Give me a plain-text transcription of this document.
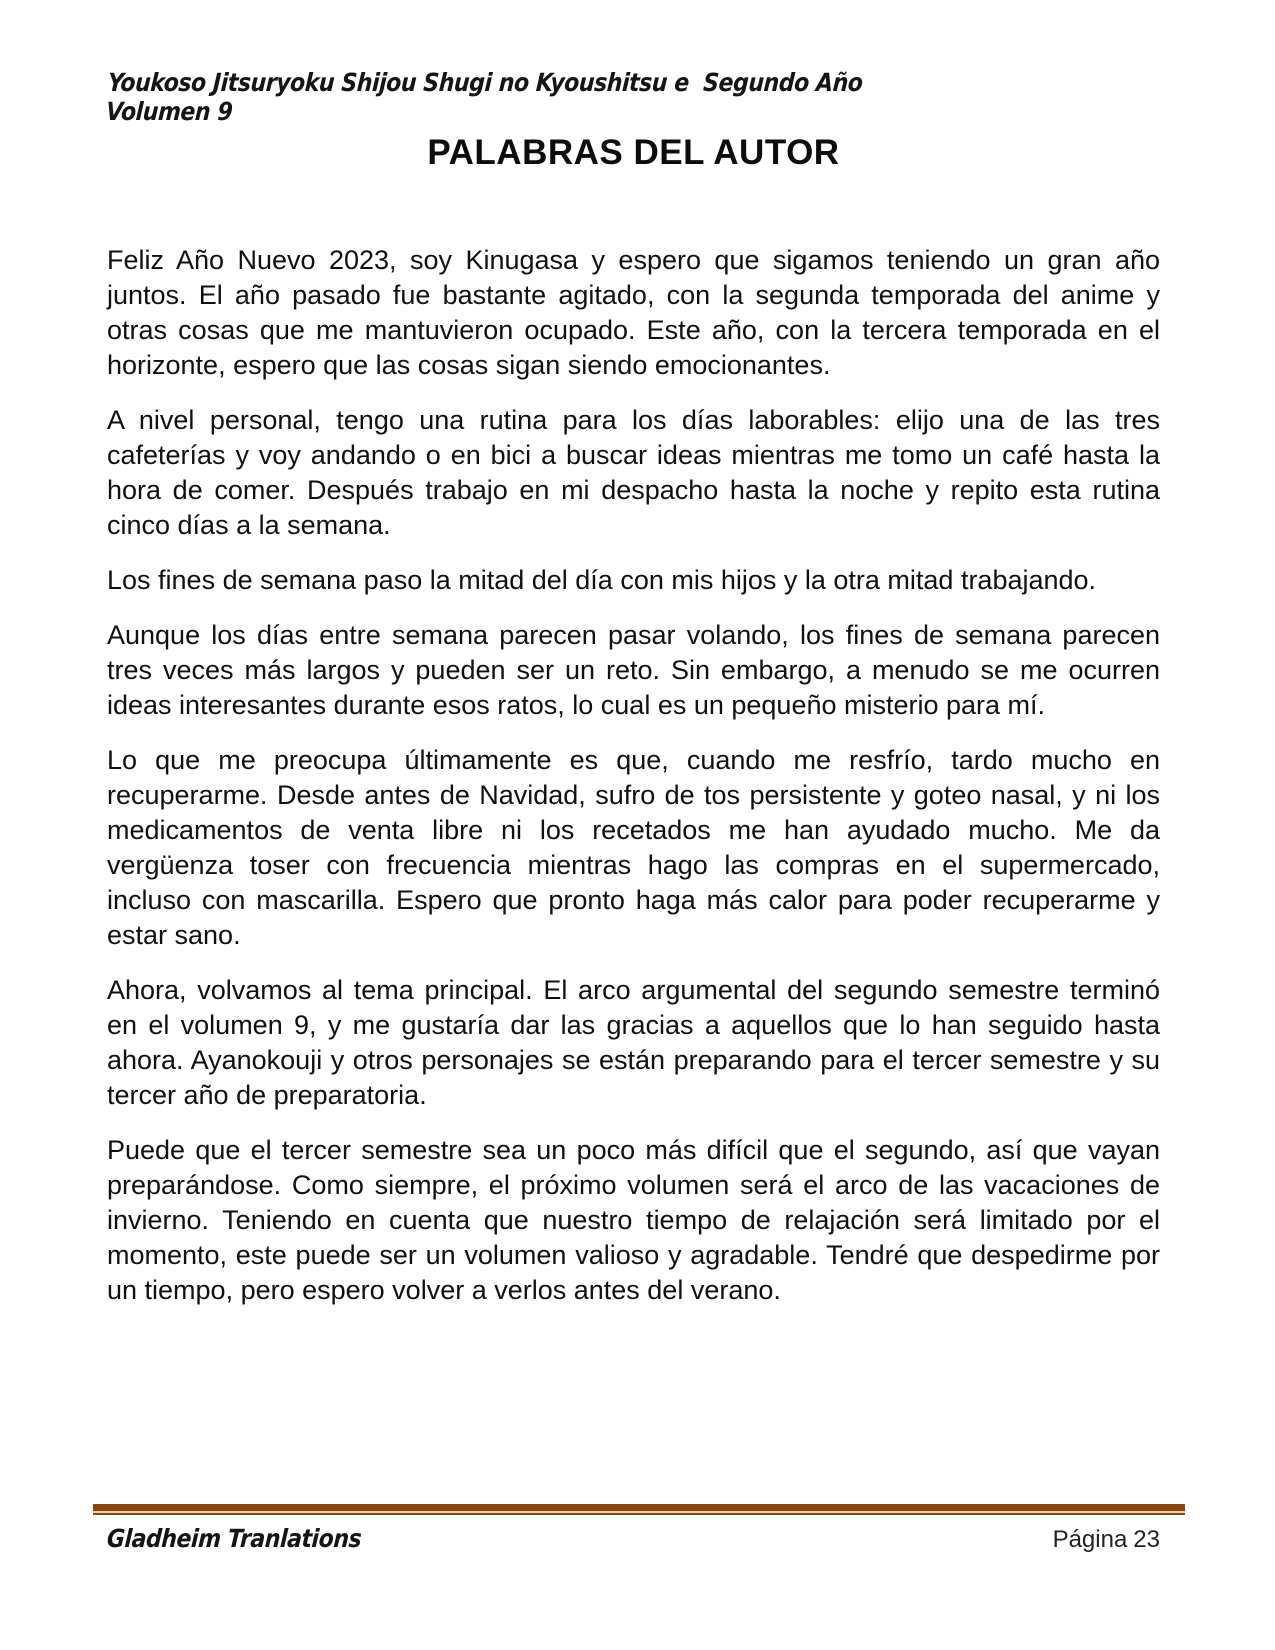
Youkoso Jitsuryoku Shijou Shugi no Kyoushitsu e  Segundo Año Volumen 9
PALABRAS DEL AUTOR

Feliz Año Nuevo 2023, soy Kinugasa y espero que sigamos teniendo un gran año juntos. El año pasado fue bastante agitado, con la segunda temporada del anime y otras cosas que me mantuvieron ocupado. Este año, con la tercera temporada en el horizonte, espero que las cosas sigan siendo emocionantes.

A nivel personal, tengo una rutina para los días laborables: elijo una de las tres cafeterías y voy andando o en bici a buscar ideas mientras me tomo un café hasta la hora de comer. Después trabajo en mi despacho hasta la noche y repito esta rutina cinco días a la semana.

Los fines de semana paso la mitad del día con mis hijos y la otra mitad trabajando.

Aunque los días entre semana parecen pasar volando, los fines de semana parecen tres veces más largos y pueden ser un reto. Sin embargo, a menudo se me ocurren ideas interesantes durante esos ratos, lo cual es un pequeño misterio para mí.

Lo que me preocupa últimamente es que, cuando me resfrío, tardo mucho en recuperarme. Desde antes de Navidad, sufro de tos persistente y goteo nasal, y ni los medicamentos de venta libre ni los recetados me han ayudado mucho. Me da vergüenza toser con frecuencia mientras hago las compras en el supermercado, incluso con mascarilla. Espero que pronto haga más calor para poder recuperarme y estar sano.

Ahora, volvamos al tema principal. El arco argumental del segundo semestre terminó en el volumen 9, y me gustaría dar las gracias a aquellos que lo han seguido hasta ahora. Ayanokouji y otros personajes se están preparando para el tercer semestre y su tercer año de preparatoria.

Puede que el tercer semestre sea un poco más difícil que el segundo, así que vayan preparándose. Como siempre, el próximo volumen será el arco de las vacaciones de invierno. Teniendo en cuenta que nuestro tiempo de relajación será limitado por el momento, este puede ser un volumen valioso y agradable. Tendré que despedirme por un tiempo, pero espero volver a verlos antes del verano.

Gladheim Tranlations	Página 23
